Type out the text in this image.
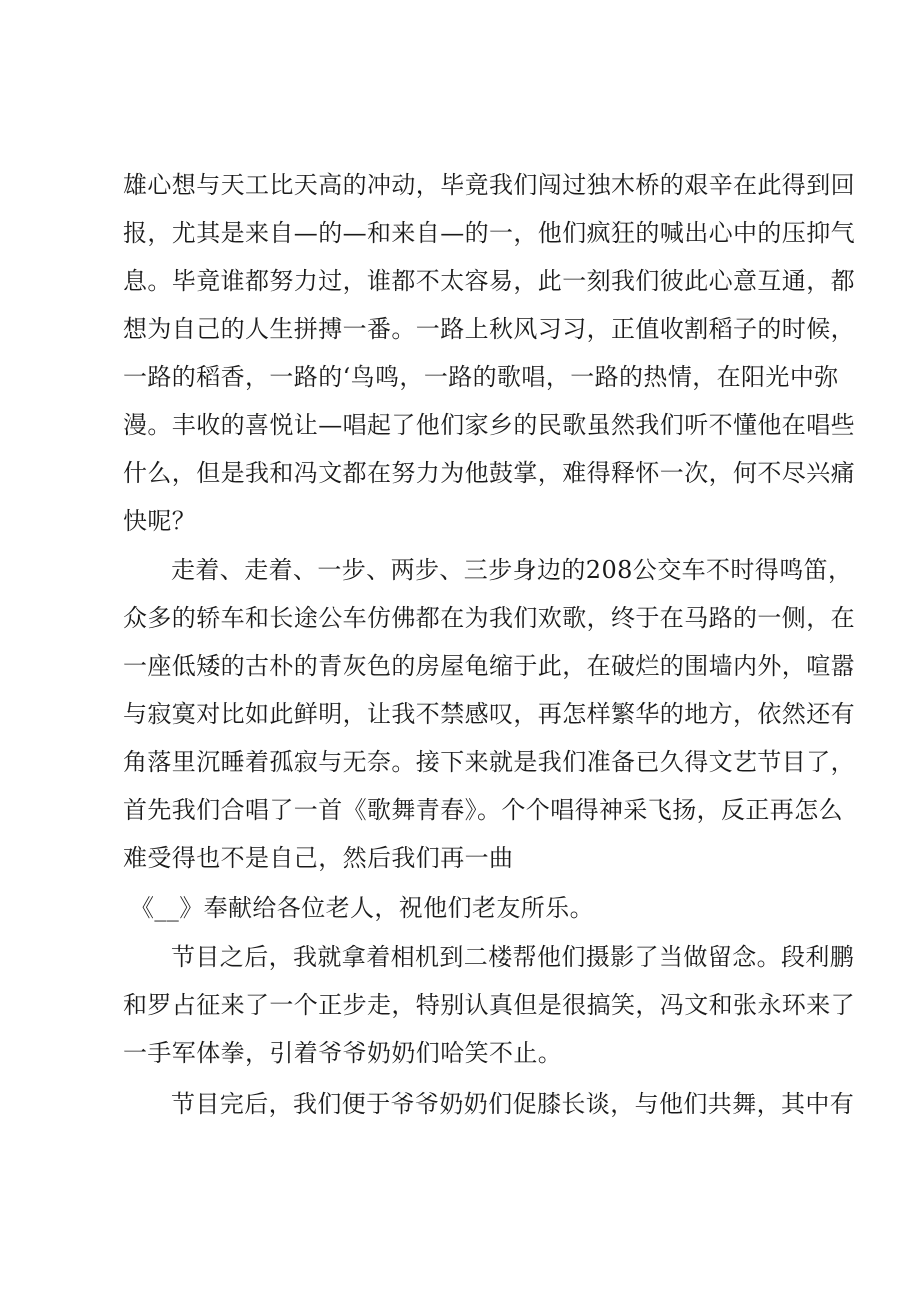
雄心想与天工比天高的冲动，毕竟我们闯过独木桥的艰辛在此得到回
报，尤其是来自—的—和来自—的一，他们疯狂的喊出心中的压抑气
息。毕竟谁都努力过，谁都不太容易，此一刻我们彼此心意互通，都
想为自己的人生拼搏一番。一路上秋风习习，正值收割稻子的时候，
一路的稻香，一路的‘鸟鸣，一路的歌唱，一路的热情，在阳光中弥
漫。丰收的喜悦让—唱起了他们家乡的民歌虽然我们听不懂他在唱些
什么，但是我和冯文都在努力为他鼓掌，难得释怀一次，何不尽兴痛
快呢？
走着、走着、一步、两步、三步身边的208公交车不时得鸣笛，
众多的轿车和长途公车仿佛都在为我们欢歌，终于在马路的一侧，在
一座低矮的古朴的青灰色的房屋龟缩于此，在破烂的围墙内外，喧嚣
与寂寞对比如此鲜明，让我不禁感叹，再怎样繁华的地方，依然还有
角落里沉睡着孤寂与无奈。接下来就是我们准备已久得文艺节目了，
首先我们合唱了一首《歌舞青春》。个个唱得神采飞扬，反正再怎么
难受得也不是自己，然后我们再一曲
《__》奉献给各位老人，祝他们老友所乐。
节目之后，我就拿着相机到二楼帮他们摄影了当做留念。段利鹏
和罗占征来了一个正步走，特别认真但是很搞笑，冯文和张永环来了
一手军体拳，引着爷爷奶奶们哈笑不止。
节目完后，我们便于爷爷奶奶们促膝长谈，与他们共舞，其中有
